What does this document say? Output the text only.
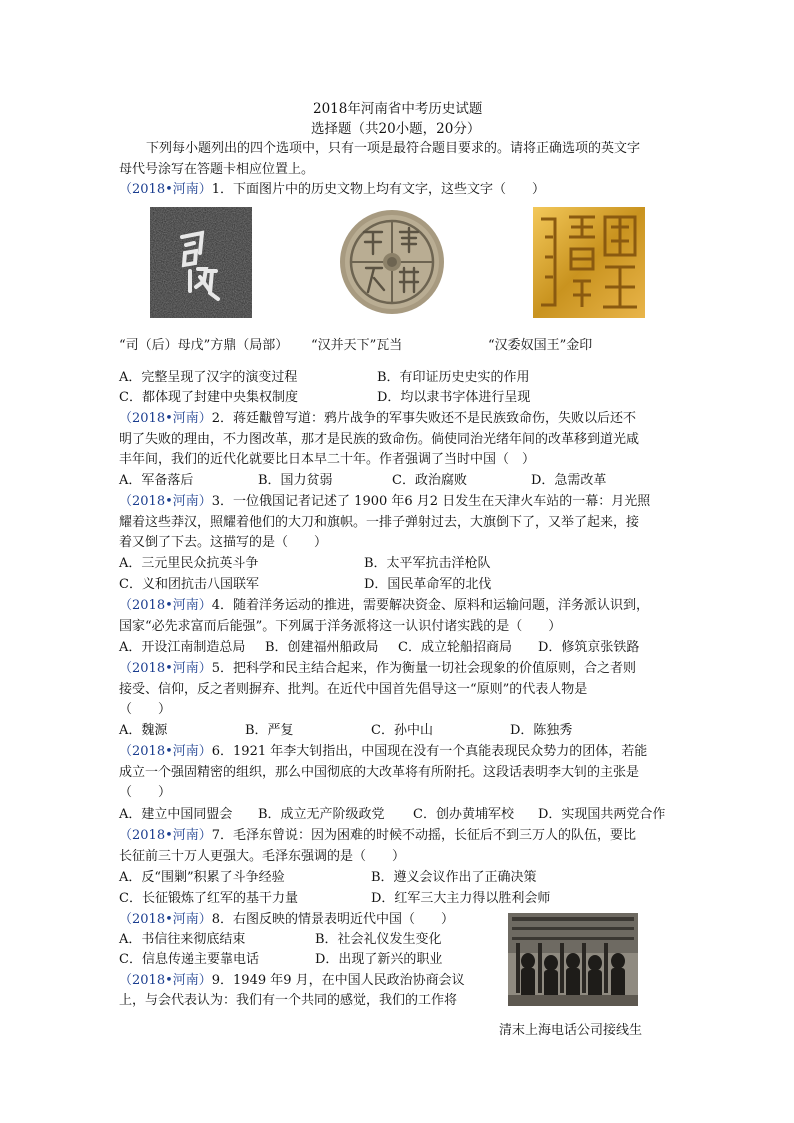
2018年河南省中考历史试题
选择题（共20小题，20分）
下列每小题列出的四个选项中，只有一项是最符合题目要求的。请将正确选项的英文字
母代号涂写在答题卡相应位置上。
（2018•河南）1．下面图片中的历史文物上均有文字，这些文字（　　）
“司（后）母戊”方鼎（局部） “汉并天下”瓦当	“汉委奴国王”金印
A．完整呈现了汉字的演变过程	B．有印证历史史实的作用
C．都体现了封建中央集权制度	D．均以隶书字体进行呈现
（2018•河南）2．蒋廷黻曾写道：鸦片战争的军事失败还不是民族致命伤，失败以后还不
明了失败的理由，不力图改革，那才是民族的致命伤。倘使同治光绪年间的改革移到道光咸
丰年间，我们的近代化就要比日本早二十年。作者强调了当时中国（　）
A．军备落后	B．国力贫弱	C．政治腐败	D．急需改革
（2018•河南）3．一位俄国记者记述了 1900 年6 月2 日发生在天津火车站的一幕：月光照
耀着这些莽汉，照耀着他们的大刀和旗帜。一排子弹射过去，大旗倒下了，又举了起来，接
着又倒了下去。这描写的是（　　）
A．三元里民众抗英斗争	B．太平军抗击洋枪队
C．义和团抗击八国联军	D．国民革命军的北伐
（2018•河南）4．随着洋务运动的推进，需要解决资金、原料和运输问题，洋务派认识到，
国家“必先求富而后能强”。下列属于洋务派将这一认识付诸实践的是（　　）
A．开设江南制造总局 B．创建福州船政局 C．成立轮船招商局 D．修筑京张铁路
（2018•河南）5．把科学和民主结合起来，作为衡量一切社会现象的价值原则，合之者则
接受、信仰，反之者则摒弃、批判。在近代中国首先倡导这一“原则”的代表人物是
（　　）
A．魏源	B．严复	C．孙中山	D．陈独秀
（2018•河南）6．1921 年李大钊指出，中国现在没有一个真能表现民众势力的团体，若能
成立一个强固精密的组织，那么中国彻底的大改革将有所附托。这段话表明李大钊的主张是
（　　）
A．建立中国同盟会 B．成立无产阶级政党 C．创办黄埔军校 D．实现国共两党合作
（2018•河南）7．毛泽东曾说：因为困难的时候不动摇，长征后不到三万人的队伍，要比
长征前三十万人更强大。毛泽东强调的是（　　）
A．反“围剿”积累了斗争经验	B．遵义会议作出了正确决策
C．长征锻炼了红军的基干力量	D．红军三大主力得以胜利会师
（2018•河南）8．右图反映的情景表明近代中国（　　）
A．书信往来彻底结束	B．社会礼仪发生变化
C．信息传递主要靠电话	D．出现了新兴的职业
（2018•河南）9．1949 年9 月，在中国人民政治协商会议
上，与会代表认为：我们有一个共同的感觉，我们的工作将
清末上海电话公司接线生
